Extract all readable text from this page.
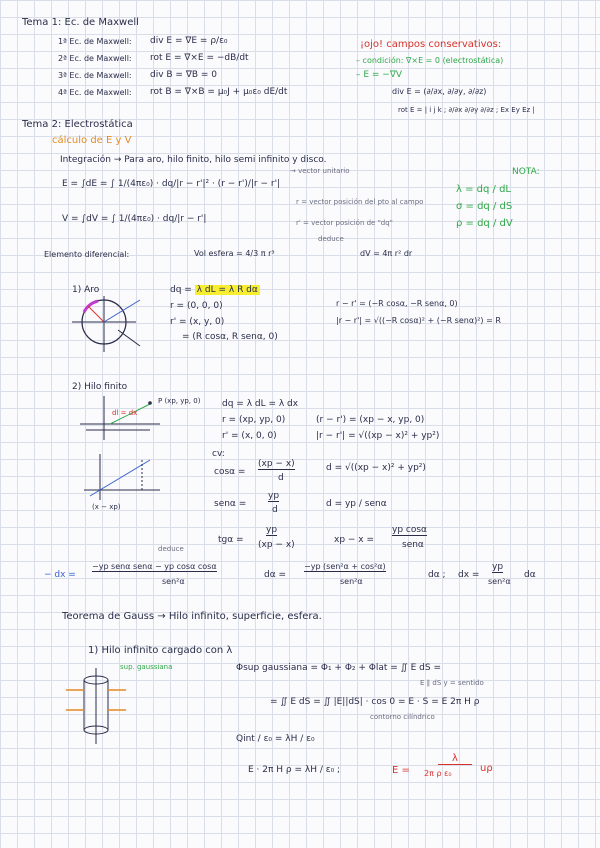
Tema 1: Ec. de Maxwell
1ª Ec. de Maxwell: div E = ∇E = ρ/ε₀
2ª Ec. de Maxwell: rot E = ∇×E = −dB/dt
3ª Ec. de Maxwell: div B = ∇B = 0
4ª Ec. de Maxwell: rot B = ∇×B = μ₀J + μ₀ε₀ dE/dt
¡ojo! campos conservativos:
– condición: ∇×E = 0 (electrostática)
– E = −∇V
div E = (∂/∂x, ∂/∂y, ∂/∂z)
rot E = | i j k ; ∂/∂x ∂/∂y ∂/∂z ; Ex Ey Ez |
Tema 2: Electrostática
cálculo de E y V
Integración → Para aro, hilo finito, hilo semi infinito y disco.
E = ∫dE = ∫ 1/(4πε₀) · dq/|r − r'|² · (r − r')/|r − r'|
→ vector unitario
V = ∫dV = ∫ 1/(4πε₀) · dq/|r − r'|
r = vector posición del pto al campo
r' = vector posición de "dq"
deduce
NOTA:
λ = dq / dL
σ = dq / dS
ρ = dq / dV
Elemento diferencial:	Vol esfera = 4/3 π r³	dV = 4π r² dr
1) Aro	dq = λ dL = λ R dα
r = (0, 0, 0)
r' = (x, y, 0)
= (R cosα, R senα, 0)
r − r' = (−R cosα, −R senα, 0)
|r − r'| = √((−R cosα)² + (−R senα)²) = R
2) Hilo finito
P (xp, yp, 0)
dl = dx
dq = λ dL = λ dx
r = (xp, yp, 0)
r' = (x, 0, 0)
(r − r') = (xp − x, yp, 0)
|r − r'| = √((xp − x)² + yp²)
(x − xp)
cv:
cosα =
(xp − x)
d
d = √((xp − x)² + yp²)
senα =
yp
d
d = yp / senα
tgα =
yp
(xp − x)	xp − x =
yp cosα
senα
deduce
− dx =
−yp senα senα − yp cosα cosα
sen²α
dα =
−yp (sen²α + cos²α)
sen²α
dα ; dx =
yp
sen²α
dα
Teorema de Gauss → Hilo infinito, superficie, esfera.
1) Hilo infinito cargado con λ
sup. gaussiana	Φsup gaussiana = Φ₁ + Φ₂ + Φlat = ∬ E dS =
E ∥ dS y = sentido
= ∬ E dS = ∬ |E||dS| · cos 0 = E · S = E 2π H ρ
contorno cilíndrico
Qint / ε₀ = λH / ε₀
E · 2π H ρ = λH / ε₀ ;	E =
λ
2π ρ ε₀	uρ
